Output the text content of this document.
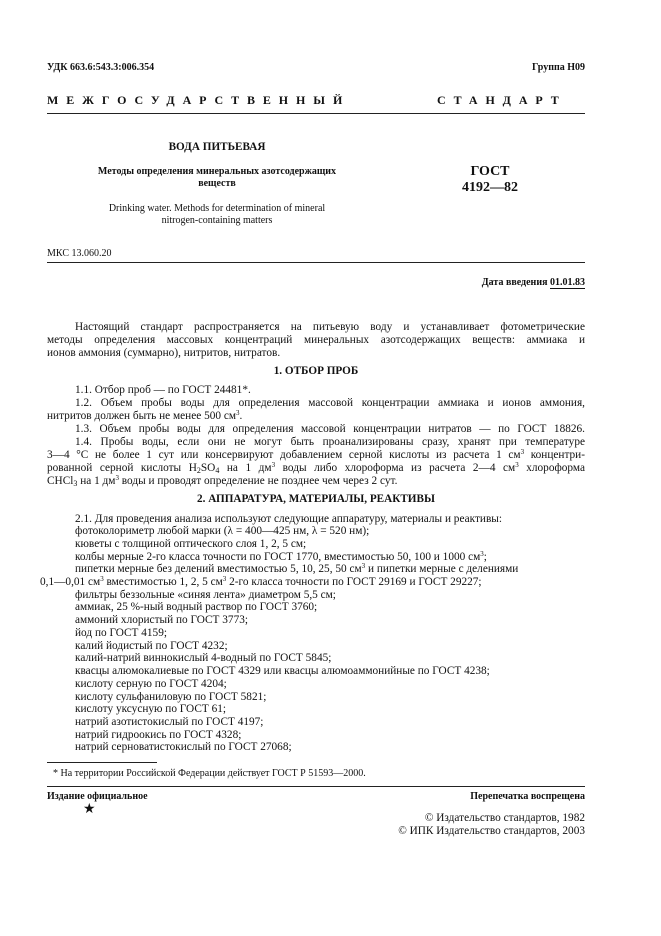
УДК 663.6:543.3:006.354	Группа Н09
МЕЖГОСУДАРСТВЕННЫЙ	СТАНДАРТ
ВОДА ПИТЬЕВАЯ
Методы определения минеральных азотсодержащих
веществ
Drinking water. Methods for determination of mineral
nitrogen-containing matters
ГОСТ
4192—82
МКС 13.060.20
Дата введения 01.01.83
Настоящий стандарт распространяется на питьевую воду и устанавливает фотометрические
методы определения массовых концентраций минеральных азотсодержащих веществ: аммиака и
ионов аммония (суммарно), нитритов, нитратов.
1. ОТБОР ПРОБ
1.1. Отбор проб — по ГОСТ 24481*.
1.2. Объем пробы воды для определения массовой концентрации аммиака и ионов аммония,
нитритов должен быть не менее 500 $см^3$.
1.3. Объем пробы воды для определения массовой концентрации нитратов — по ГОСТ 18826.
1.4. Пробы воды, если они не могут быть проанализированы сразу, хранят при температуре
3—4 °С не более 1 сут или консервируют добавлением серной кислоты из расчета 1 $см^3$ концентри-
рованной серной кислоты $H_2SO_4$ на 1 $дм^3$ воды либо хлороформа из расчета 2—4 $см^3$ хлороформа
CHCl$_3$ на 1 $дм^3$ воды и проводят определение не позднее чем через 2 сут.
2. АППАРАТУРА, МАТЕРИАЛЫ, РЕАКТИВЫ
2.1. Для проведения анализа используют следующие аппаратуру, материалы и реактивы:
фотоколориметр любой марки (λ = 400—425 нм, λ = 520 нм);
кюветы с толщиной оптического слоя 1, 2, 5 см;
колбы мерные 2-го класса точности по ГОСТ 1770, вместимостью 50, 100 и 1000 $см^3$;
пипетки мерные без делений вместимостью 5, 10, 25, 50 $см^3$ и пипетки мерные с делениями
0,1—0,01 $см^3$ вместимостью 1, 2, 5 $см^3$ 2-го класса точности по ГОСТ 29169 и ГОСТ 29227;
фильтры беззольные «синяя лента» диаметром 5,5 см;
аммиак, 25 %-ный водный раствор по ГОСТ 3760;
аммоний хлористый по ГОСТ 3773;
йод по ГОСТ 4159;
калий йодистый по ГОСТ 4232;
калий-натрий виннокислый 4-водный по ГОСТ 5845;
квасцы алюмокалиевые по ГОСТ 4329 или квасцы алюмоаммонийные по ГОСТ 4238;
кислоту серную по ГОСТ 4204;
кислоту сульфаниловую по ГОСТ 5821;
кислоту уксусную по ГОСТ 61;
натрий азотистокислый по ГОСТ 4197;
натрий гидроокись по ГОСТ 4328;
натрий серноватистокислый по ГОСТ 27068;
* На территории Российской Федерации действует ГОСТ Р 51593—2000.
Издание официальное
★
Перепечатка воспрещена
© Издательство стандартов, 1982
© ИПК Издательство стандартов, 2003
